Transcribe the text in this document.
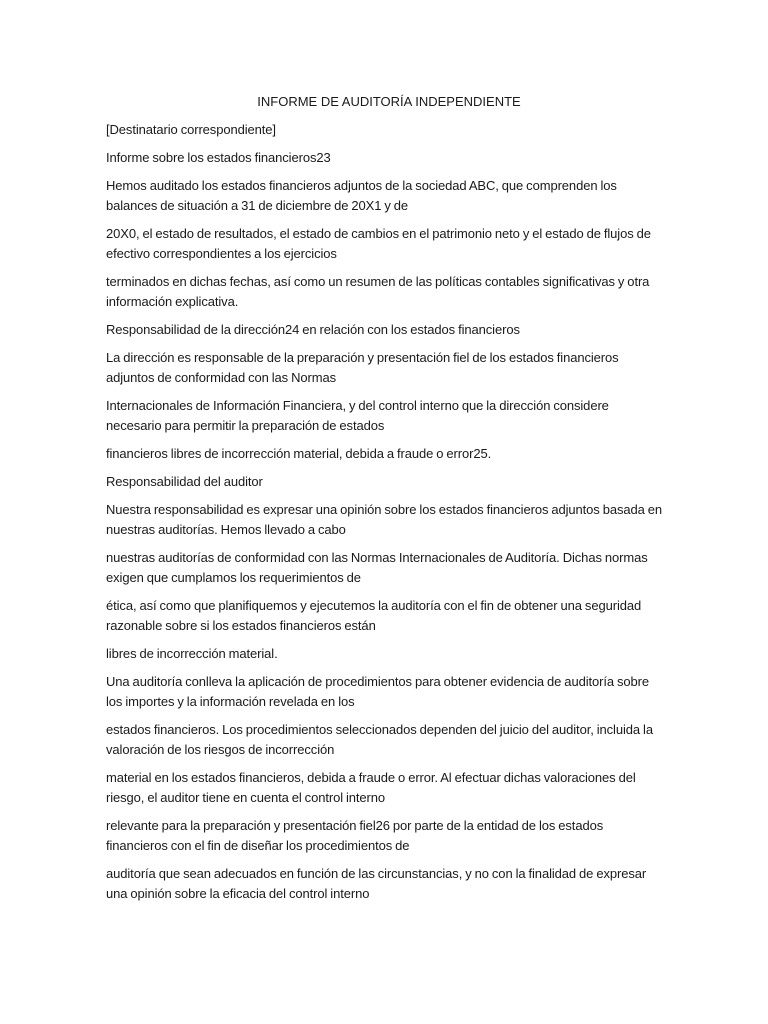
INFORME DE AUDITORÍA INDEPENDIENTE
[Destinatario correspondiente]
Informe sobre los estados financieros23
Hemos auditado los estados financieros adjuntos de la sociedad ABC, que comprenden los balances de situación a 31 de diciembre de 20X1 y de
20X0, el estado de resultados, el estado de cambios en el patrimonio neto y el estado de flujos de efectivo correspondientes a los ejercicios
terminados en dichas fechas, así como un resumen de las políticas contables significativas y otra información explicativa.
Responsabilidad de la dirección24 en relación con los estados financieros
La dirección es responsable de la preparación y presentación fiel de los estados financieros adjuntos de conformidad con las Normas
Internacionales de Información Financiera, y del control interno que la dirección considere necesario para permitir la preparación de estados
financieros libres de incorrección material, debida a fraude o error25.
Responsabilidad del auditor
Nuestra responsabilidad es expresar una opinión sobre los estados financieros adjuntos basada en nuestras auditorías. Hemos llevado a cabo
nuestras auditorías de conformidad con las Normas Internacionales de Auditoría. Dichas normas exigen que cumplamos los requerimientos de
ética, así como que planifiquemos y ejecutemos la auditoría con el fin de obtener una seguridad razonable sobre si los estados financieros están
libres de incorrección material.
Una auditoría conlleva la aplicación de procedimientos para obtener evidencia de auditoría sobre los importes y la información revelada en los
estados financieros. Los procedimientos seleccionados dependen del juicio del auditor, incluida la valoración de los riesgos de incorrección
material en los estados financieros, debida a fraude o error. Al efectuar dichas valoraciones del riesgo, el auditor tiene en cuenta el control interno
relevante para la preparación y presentación fiel26 por parte de la entidad de los estados financieros con el fin de diseñar los procedimientos de
auditoría que sean adecuados en función de las circunstancias, y no con la finalidad de expresar una opinión sobre la eficacia del control interno
